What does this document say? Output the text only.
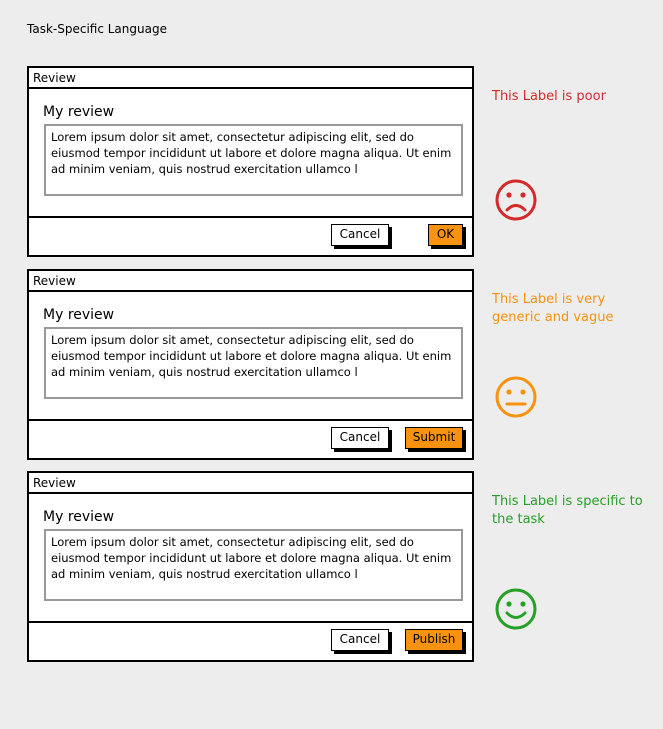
Task-Specific Language
Review
My review
Lorem ipsum dolor sit amet, consectetur adipiscing elit, sed do eiusmod tempor incididunt ut labore et dolore magna aliqua. Ut enim ad minim veniam, quis nostrud exercitation ullamco l
Cancel	OK
This Label is poor
Review
My review
Lorem ipsum dolor sit amet, consectetur adipiscing elit, sed do eiusmod tempor incididunt ut labore et dolore magna aliqua. Ut enim ad minim veniam, quis nostrud exercitation ullamco l
Cancel	Submit
This Label is very generic and vague
Review
My review
Lorem ipsum dolor sit amet, consectetur adipiscing elit, sed do eiusmod tempor incididunt ut labore et dolore magna aliqua. Ut enim ad minim veniam, quis nostrud exercitation ullamco l
Cancel	Publish
This Label is specific to the task
